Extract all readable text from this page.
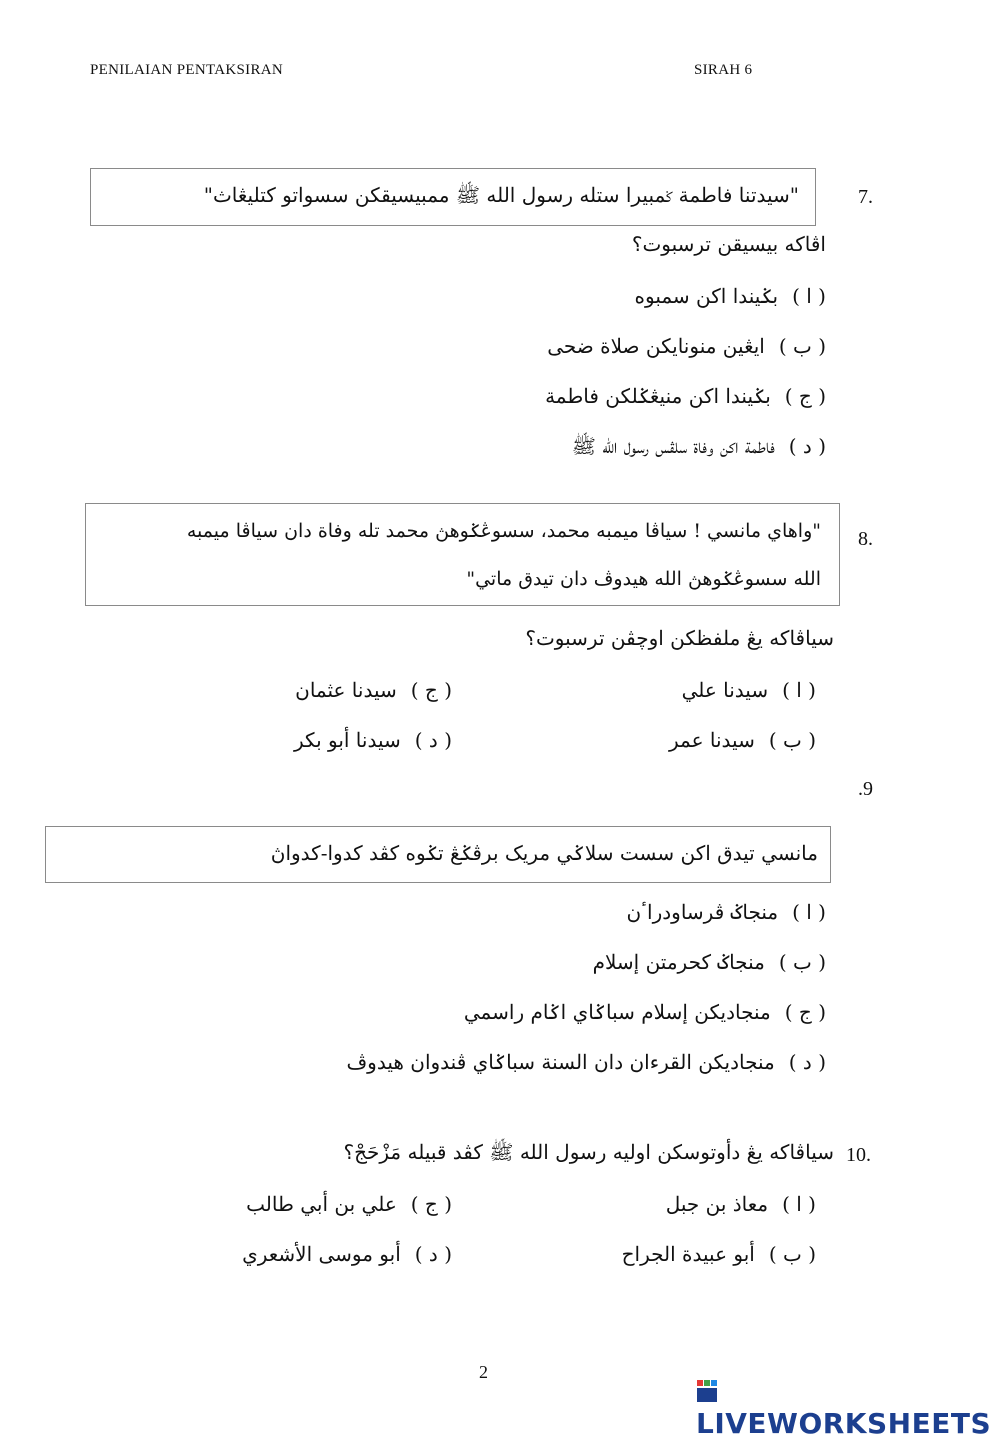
PENILAIAN PENTAKSIRAN	SIRAH 6
7.
"سيدتنا فاطمة ݢمبيرا ستله رسول الله ﷺ ممبيسيقكن سسواتو كتليڠاث"
اڤاكه بيسيقن ترسبوت؟
( ا )بݢيندا اكن سمبوه
( ب )ايڠين منونايكن صلاة ضحى
( ج )بݢيندا اكن منيڠݢلكن فاطمة
( د )فاطمة اكن وفاة سلڤس رسول الله ﷺ
8.
"واهاي مانسي ! سياڤا ميمبه محمد، سسوڠݢوهڽ محمد تله وفاة دان سياڤا ميمبه
الله سسوڠݢوهڽ الله هيدوڤ دان تيدق ماتي"
سياڤاكه يڠ ملفظكن اوچڤن ترسبوت؟
( ا )سيدنا علي
( ج )سيدنا عثمان
( ب )سيدنا عمر
( د )سيدنا أبو بكر
.9
مانسي تيدق اكن سست سلاݢي مريک برڤݢڠ تݢوه كڤد كدوا-كدواڽ
( ا )منجاݢ ڤرساودراٴن
( ب )منجاݢ كحرمتن إسلام
( ج )منجاديكن إسلام سباݢاي اݢام راسمي
( د )منجاديكن القرءان دان السنة سباݢاي ڤندوان هيدوڤ
10.
سياڤاكه يڠ دأوتوسكن اوليه رسول الله ﷺ كڤد قبيله مَزْحَجْ؟
( ا )معاذ بن جبل
( ج )علي بن أبي طالب
( ب )أبو عبيدة الجراح
( د )أبو موسى الأشعري
2
LIVEWORKSHEETS
